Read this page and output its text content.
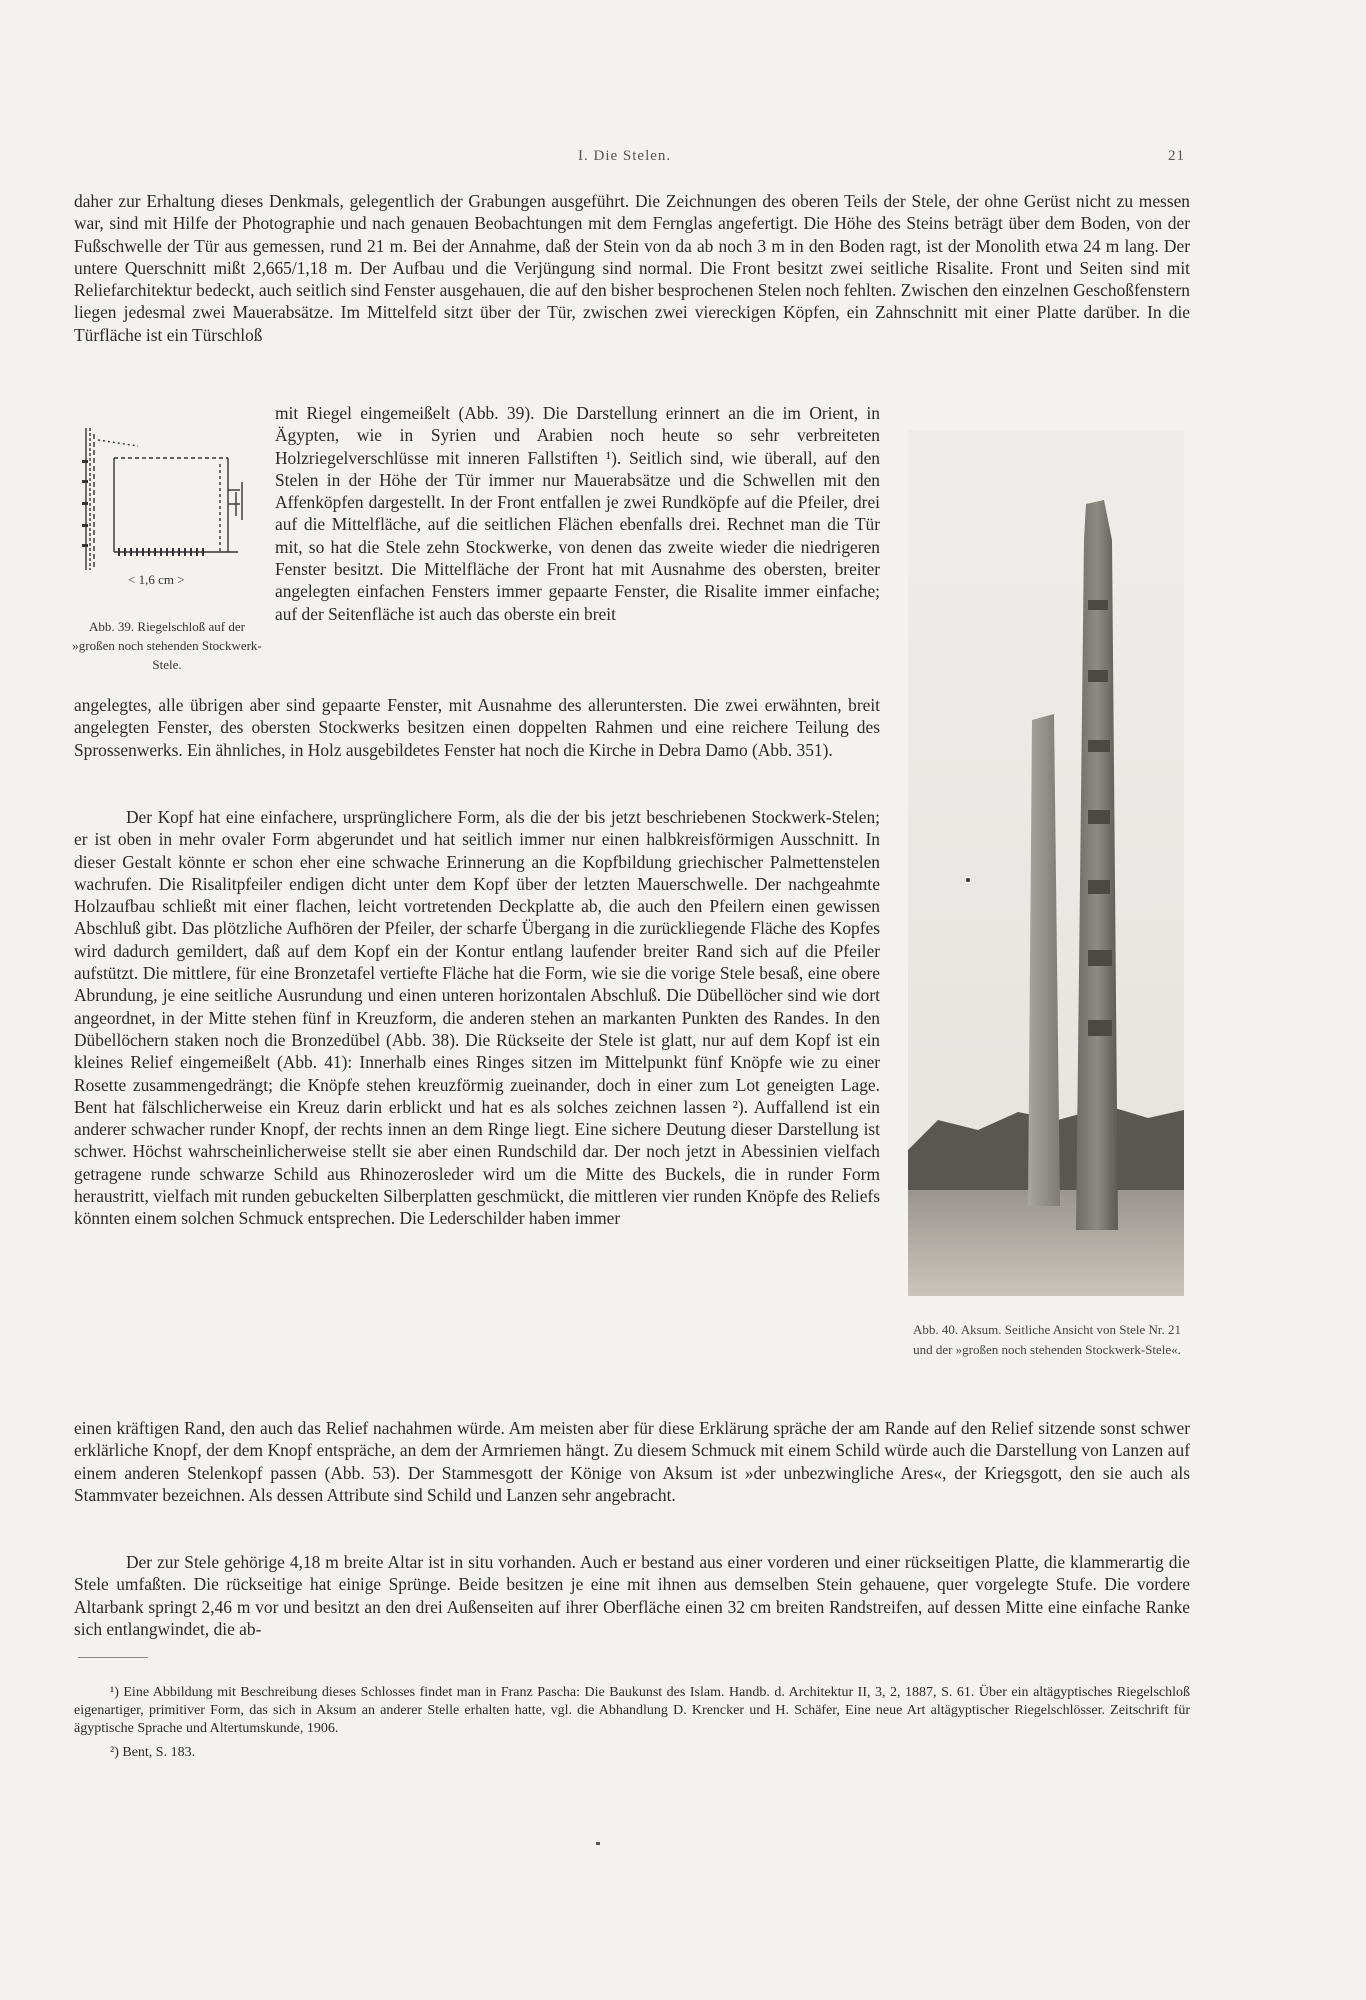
I. Die Stelen.	21

daher zur Erhaltung dieses Denkmals, gelegentlich der Grabungen ausgeführt. Die Zeichnungen des oberen Teils der Stele, der ohne Gerüst nicht zu messen war, sind mit Hilfe der Photographie und nach genauen Beobachtungen mit dem Fernglas angefertigt. Die Höhe des Steins beträgt über dem Boden, von der Fußschwelle der Tür aus gemessen, rund 21 m. Bei der Annahme, daß der Stein von da ab noch 3 m in den Boden ragt, ist der Monolith etwa 24 m lang. Der untere Querschnitt mißt 2,665/1,18 m. Der Aufbau und die Verjüngung sind normal. Die Front besitzt zwei seitliche Risalite. Front und Seiten sind mit Reliefarchitektur bedeckt, auch seitlich sind Fenster ausgehauen, die auf den bisher besprochenen Stelen noch fehlten. Zwischen den einzelnen Geschoßfenstern liegen jedesmal zwei Mauerabsätze. Im Mittelfeld sitzt über der Tür, zwischen zwei viereckigen Köpfen, ein Zahnschnitt mit einer Platte darüber. In die Türfläche ist ein Türschloß

< 1,6 cm >
Abb. 39. Riegelschloß auf der »großen noch stehenden Stockwerk-Stele.

mit Riegel eingemeißelt (Abb. 39). Die Darstellung erinnert an die im Orient, in Ägypten, wie in Syrien und Arabien noch heute so sehr verbreiteten Holzriegelverschlüsse mit inneren Fallstiften ¹). Seitlich sind, wie überall, auf den Stelen in der Höhe der Tür immer nur Mauerabsätze und die Schwellen mit den Affenköpfen dargestellt. In der Front entfallen je zwei Rundköpfe auf die Pfeiler, drei auf die Mittelfläche, auf die seitlichen Flächen ebenfalls drei. Rechnet man die Tür mit, so hat die Stele zehn Stockwerke, von denen das zweite wieder die niedrigeren Fenster besitzt. Die Mittelfläche der Front hat mit Ausnahme des obersten, breiter angelegten einfachen Fensters immer gepaarte Fenster, die Risalite immer einfache; auf der Seitenfläche ist auch das oberste ein breit

Abb. 40. Aksum. Seitliche Ansicht von Stele Nr. 21 und der »großen noch stehenden Stockwerk-Stele«.

angelegtes, alle übrigen aber sind gepaarte Fenster, mit Ausnahme des alleruntersten. Die zwei erwähnten, breit angelegten Fenster, des obersten Stockwerks besitzen einen doppelten Rahmen und eine reichere Teilung des Sprossenwerks. Ein ähnliches, in Holz ausgebildetes Fenster hat noch die Kirche in Debra Damo (Abb. 351).

Der Kopf hat eine einfachere, ursprünglichere Form, als die der bis jetzt beschriebenen Stockwerk-Stelen; er ist oben in mehr ovaler Form abgerundet und hat seitlich immer nur einen halbkreisförmigen Ausschnitt. In dieser Gestalt könnte er schon eher eine schwache Erinnerung an die Kopfbildung griechischer Palmettenstelen wachrufen. Die Risalitpfeiler endigen dicht unter dem Kopf über der letzten Mauerschwelle. Der nachgeahmte Holzaufbau schließt mit einer flachen, leicht vortretenden Deckplatte ab, die auch den Pfeilern einen gewissen Abschluß gibt. Das plötzliche Aufhören der Pfeiler, der scharfe Übergang in die zurückliegende Fläche des Kopfes wird dadurch gemildert, daß auf dem Kopf ein der Kontur entlang laufender breiter Rand sich auf die Pfeiler aufstützt. Die mittlere, für eine Bronzetafel vertiefte Fläche hat die Form, wie sie die vorige Stele besaß, eine obere Abrundung, je eine seitliche Ausrundung und einen unteren horizontalen Abschluß. Die Dübellöcher sind wie dort angeordnet, in der Mitte stehen fünf in Kreuzform, die anderen stehen an markanten Punkten des Randes. In den Dübellöchern staken noch die Bronzedübel (Abb. 38). Die Rückseite der Stele ist glatt, nur auf dem Kopf ist ein kleines Relief eingemeißelt (Abb. 41): Innerhalb eines Ringes sitzen im Mittelpunkt fünf Knöpfe wie zu einer Rosette zusammengedrängt; die Knöpfe stehen kreuzförmig zueinander, doch in einer zum Lot geneigten Lage. Bent hat fälschlicherweise ein Kreuz darin erblickt und hat es als solches zeichnen lassen ²). Auffallend ist ein anderer schwacher runder Knopf, der rechts innen an dem Ringe liegt. Eine sichere Deutung dieser Darstellung ist schwer. Höchst wahrscheinlicherweise stellt sie aber einen Rundschild dar. Der noch jetzt in Abessinien vielfach getragene runde schwarze Schild aus Rhinozerosleder wird um die Mitte des Buckels, die in runder Form heraustritt, vielfach mit runden gebuckelten Silberplatten geschmückt, die mittleren vier runden Knöpfe des Reliefs könnten einem solchen Schmuck entsprechen. Die Lederschilder haben immer

einen kräftigen Rand, den auch das Relief nachahmen würde. Am meisten aber für diese Erklärung spräche der am Rande auf den Relief sitzende sonst schwer erklärliche Knopf, der dem Knopf entspräche, an dem der Armriemen hängt. Zu diesem Schmuck mit einem Schild würde auch die Darstellung von Lanzen auf einem anderen Stelenkopf passen (Abb. 53). Der Stammesgott der Könige von Aksum ist »der unbezwingliche Ares«, der Kriegsgott, den sie auch als Stammvater bezeichnen. Als dessen Attribute sind Schild und Lanzen sehr angebracht.

Der zur Stele gehörige 4,18 m breite Altar ist in situ vorhanden. Auch er bestand aus einer vorderen und einer rückseitigen Platte, die klammerartig die Stele umfaßten. Die rückseitige hat einige Sprünge. Beide besitzen je eine mit ihnen aus demselben Stein gehauene, quer vorgelegte Stufe. Die vordere Altarbank springt 2,46 m vor und besitzt an den drei Außenseiten auf ihrer Oberfläche einen 32 cm breiten Randstreifen, auf dessen Mitte eine einfache Ranke sich entlangwindet, die ab-

¹) Eine Abbildung mit Beschreibung dieses Schlosses findet man in Franz Pascha: Die Baukunst des Islam. Handb. d. Architektur II, 3, 2, 1887, S. 61. Über ein altägyptisches Riegelschloß eigenartiger, primitiver Form, das sich in Aksum an anderer Stelle erhalten hatte, vgl. die Abhandlung D. Krencker und H. Schäfer, Eine neue Art altägyptischer Riegelschlösser. Zeitschrift für ägyptische Sprache und Altertumskunde, 1906.

²) Bent, S. 183.
